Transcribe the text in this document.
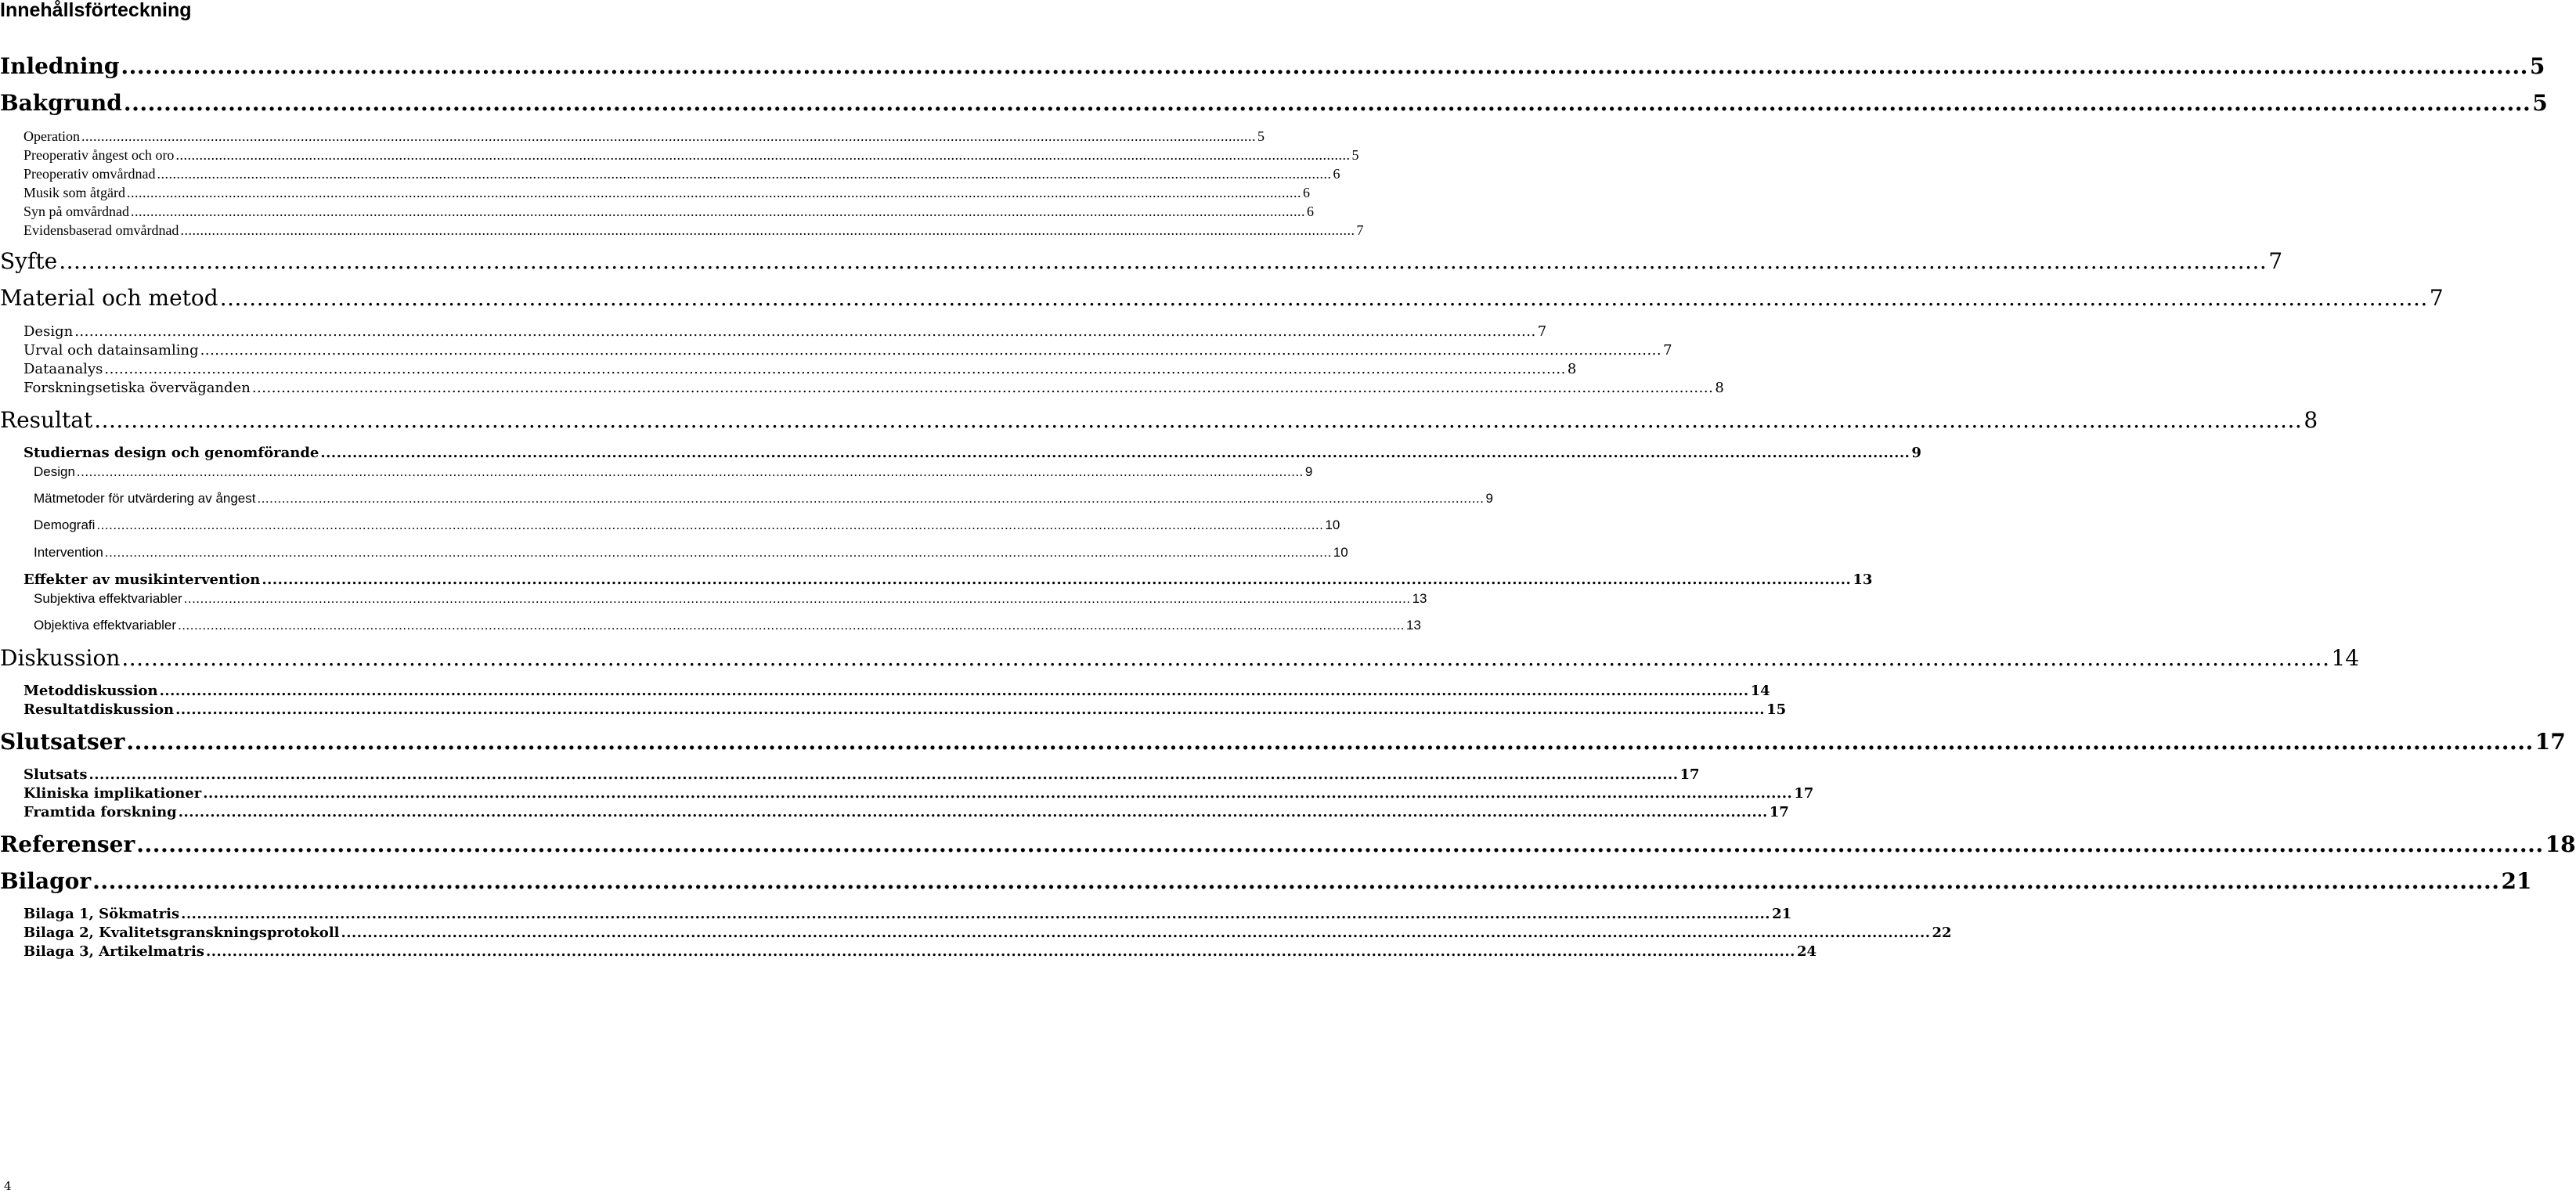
Innehållsförteckning
Inledning ............................................................................................................................................................................................................................................................................................................ 5
Bakgrund ............................................................................................................................................................................................................................................................................................................ 5
Operation ............................................................................................................................................................................................................................................................................................................ 5
Preoperativ ångest och oro ............................................................................................................................................................................................................................................................................................................ 5
Preoperativ omvårdnad ............................................................................................................................................................................................................................................................................................................ 6
Musik som åtgärd ............................................................................................................................................................................................................................................................................................................ 6
Syn på omvårdnad ............................................................................................................................................................................................................................................................................................................ 6
Evidensbaserad omvårdnad ............................................................................................................................................................................................................................................................................................................ 7
Syfte ............................................................................................................................................................................................................................................................................................................ 7
Material och metod ............................................................................................................................................................................................................................................................................................................ 7
Design ............................................................................................................................................................................................................................................................................................................ 7
Urval och datainsamling ............................................................................................................................................................................................................................................................................................................ 7
Dataanalys ............................................................................................................................................................................................................................................................................................................ 8
Forskningsetiska överväganden ............................................................................................................................................................................................................................................................................................................ 8
Resultat ............................................................................................................................................................................................................................................................................................................ 8
Studiernas design och genomförande ............................................................................................................................................................................................................................................................................................................ 9
Design ............................................................................................................................................................................................................................................................................................................ 9
Mätmetoder för utvärdering av ångest ............................................................................................................................................................................................................................................................................................................ 9
Demografi ............................................................................................................................................................................................................................................................................................................ 10
Intervention ............................................................................................................................................................................................................................................................................................................ 10
Effekter av musikintervention ............................................................................................................................................................................................................................................................................................................ 13
Subjektiva effektvariabler ............................................................................................................................................................................................................................................................................................................ 13
Objektiva effektvariabler ............................................................................................................................................................................................................................................................................................................ 13
Diskussion ............................................................................................................................................................................................................................................................................................................ 14
Metoddiskussion ............................................................................................................................................................................................................................................................................................................ 14
Resultatdiskussion ............................................................................................................................................................................................................................................................................................................ 15
Slutsatser ............................................................................................................................................................................................................................................................................................................ 17
Slutsats ............................................................................................................................................................................................................................................................................................................ 17
Kliniska implikationer ............................................................................................................................................................................................................................................................................................................ 17
Framtida forskning ............................................................................................................................................................................................................................................................................................................ 17
Referenser ............................................................................................................................................................................................................................................................................................................ 18
Bilagor ............................................................................................................................................................................................................................................................................................................ 21
Bilaga 1, Sökmatris ............................................................................................................................................................................................................................................................................................................ 21
Bilaga 2, Kvalitetsgranskningsprotokoll ............................................................................................................................................................................................................................................................................................................ 22
Bilaga 3, Artikelmatris ............................................................................................................................................................................................................................................................................................................ 24
4
